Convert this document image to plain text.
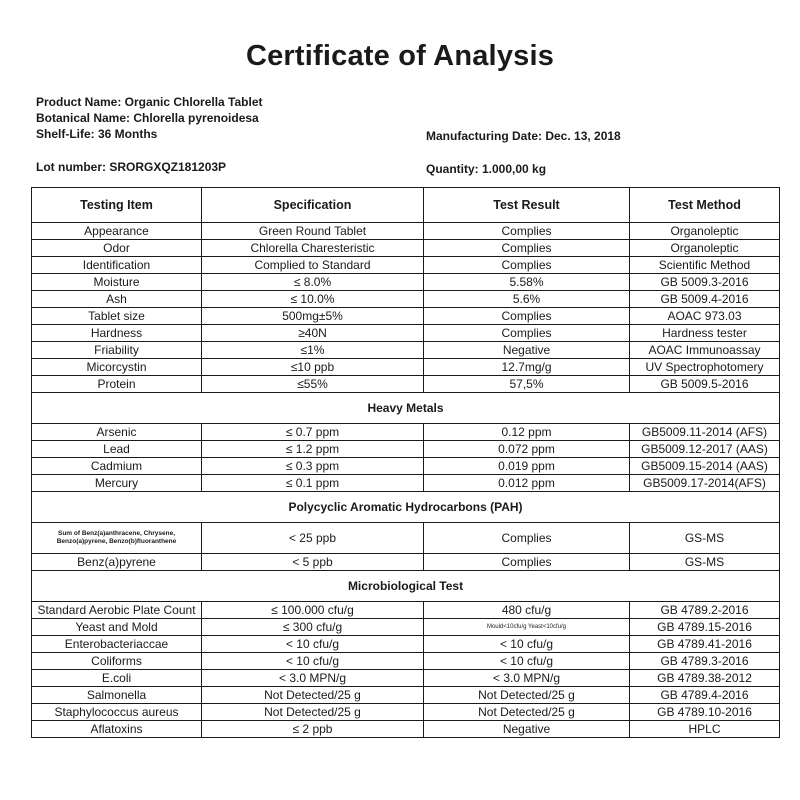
Certificate of Analysis
Product Name: Organic Chlorella Tablet
Botanical Name: Chlorella pyrenoidesa
Shelf-Life: 36 Months	Manufacturing Date: Dec. 13, 2018
Lot number: SRORGXQZ181203P	Quantity: 1.000,00 kg
Testing Item	Specification	Test Result	Test Method
Appearance	Green Round Tablet	Complies	Organoleptic
Odor	Chlorella Charesteristic	Complies	Organoleptic
Identification	Complied to Standard	Complies	Scientific Method
Moisture	≤ 8.0%	5.58%	GB 5009.3-2016
Ash	≤ 10.0%	5.6%	GB 5009.4-2016
Tablet size	500mg±5%	Complies	AOAC 973.03
Hardness	≥40N	Complies	Hardness tester
Friability	≤1%	Negative	AOAC Immunoassay
Micorcystin	≤10 ppb	12.7mg/g	UV Spectrophotomery
Protein	≤55%	57,5%	GB 5009.5-2016
Heavy Metals			
Arsenic	≤ 0.7 ppm	0.12 ppm	GB5009.11-2014 (AFS)
Lead	≤ 1.2 ppm	0.072 ppm	GB5009.12-2017 (AAS)
Cadmium	≤ 0.3 ppm	0.019 ppm	GB5009.15-2014 (AAS)
Mercury	≤ 0.1 ppm	0.012 ppm	GB5009.17-2014(AFS)
Polycyclic Aromatic Hydrocarbons (PAH)			
Sum of Benz(a)anthracene, Chrysene, Benzo(a)pyrene, Benzo(b)fluoranthene	< 25 ppb	Complies	GS-MS
Benz(a)pyrene	< 5 ppb	Complies	GS-MS
Microbiological Test			
Standard Aerobic Plate Count	≤ 100.000 cfu/g	480 cfu/g	GB 4789.2-2016
Yeast and Mold	≤ 300 cfu/g	Mould<10cfu/g Yeast<10cfu/g	GB 4789.15-2016
Enterobacteriaccae	< 10 cfu/g	< 10 cfu/g	GB 4789.41-2016
Coliforms	< 10 cfu/g	< 10 cfu/g	GB 4789.3-2016
E.coli	< 3.0 MPN/g	< 3.0 MPN/g	GB 4789.38-2012
Salmonella	Not Detected/25 g	Not Detected/25 g	GB 4789.4-2016
Staphylococcus aureus	Not Detected/25 g	Not Detected/25 g	GB 4789.10-2016
Aflatoxins	≤ 2 ppb	Negative	HPLC
